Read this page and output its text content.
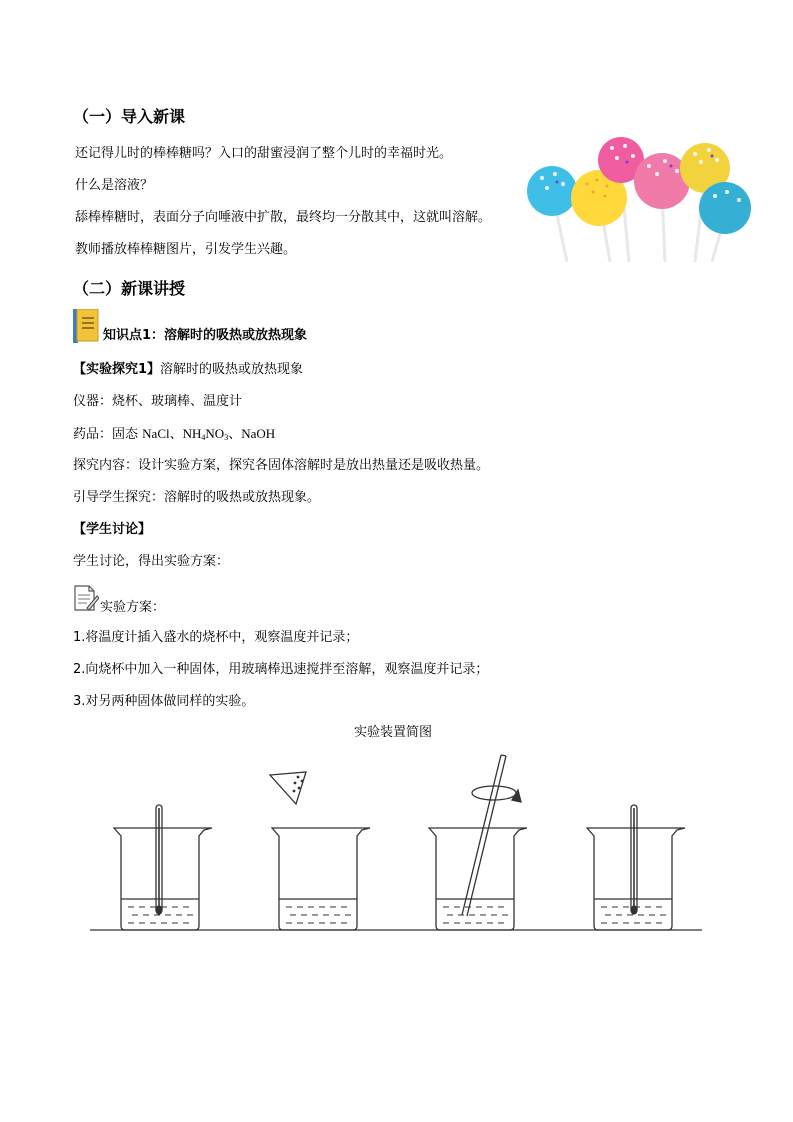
（一）导入新课
还记得儿时的棒棒糖吗？入口的甜蜜浸润了整个儿时的幸福时光。
什么是溶液？
舔棒棒糖时，表面分子向唾液中扩散，最终均一分散其中，这就叫溶解。
教师播放棒棒糖图片，引发学生兴趣。
（二）新课讲授
知识点1：溶解时的吸热或放热现象
【实验探究1】溶解时的吸热或放热现象
仪器：烧杯、玻璃棒、温度计
药品：固态 NaCl、$NH_4NO_3$、NaOH
探究内容：设计实验方案，探究各固体溶解时是放出热量还是吸收热量。
引导学生探究：溶解时的吸热或放热现象。
【学生讨论】
学生讨论，得出实验方案：
实验方案：
1.将温度计插入盛水的烧杯中，观察温度并记录；
2.向烧杯中加入一种固体，用玻璃棒迅速搅拌至溶解，观察温度并记录；
3.对另两种固体做同样的实验。
实验装置简图
